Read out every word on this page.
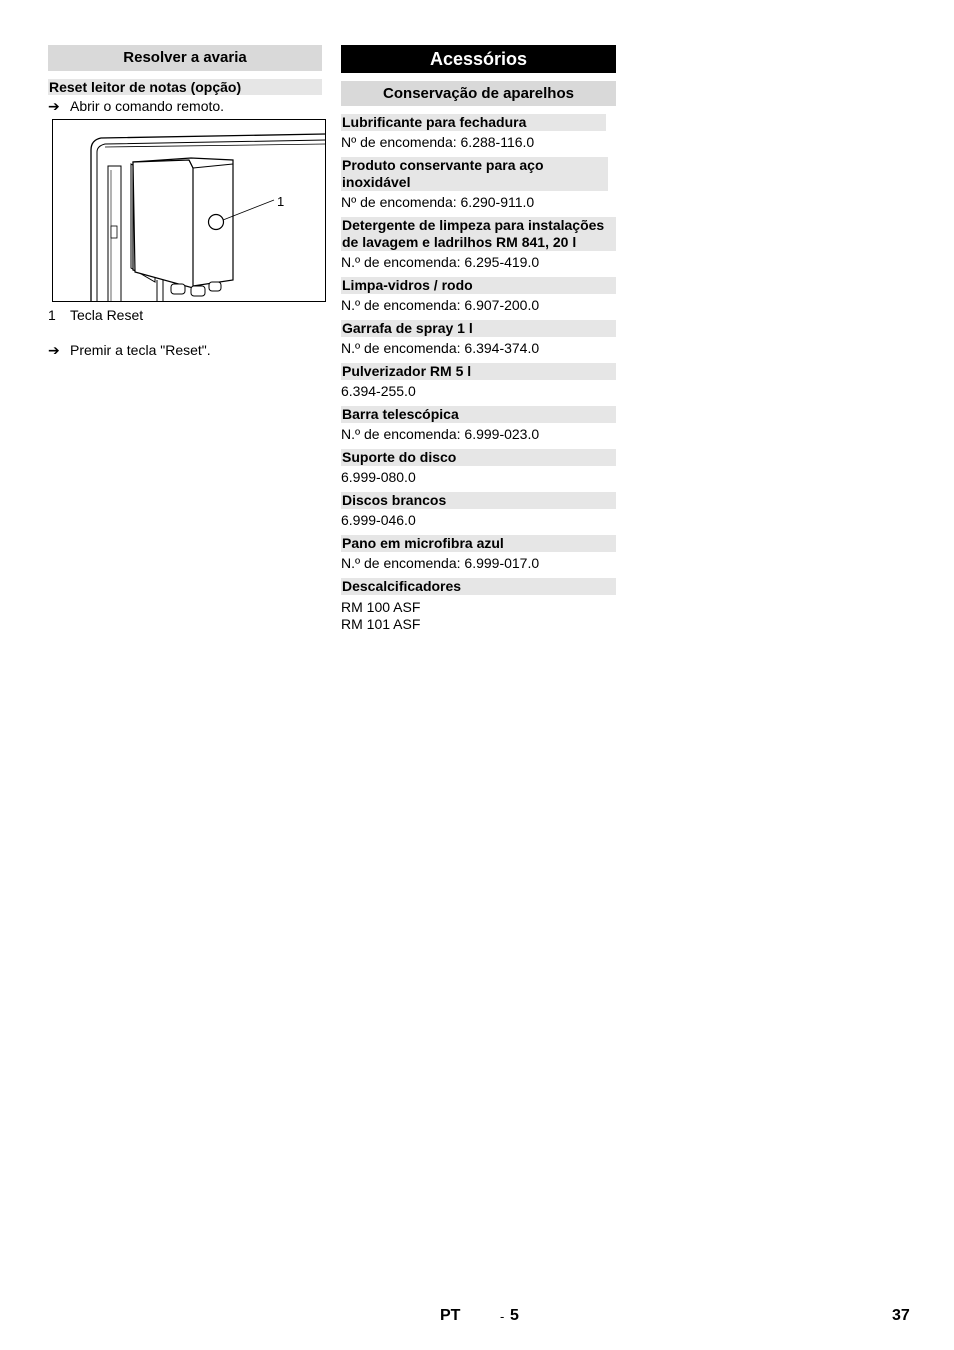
Resolver a avaria
Reset leitor de notas (opção)
➔ Abrir o comando remoto.
1
1	Tecla Reset
➔ Premir a tecla "Reset".
Acessórios
Conservação de aparelhos
Lubrificante para fechadura
Nº de encomenda: 6.288-116.0
Produto conservante para aço inoxidável
Nº de encomenda: 6.290-911.0
Detergente de limpeza para instalações de lavagem e ladrilhos RM 841, 20 l
N.º de encomenda: 6.295-419.0
Limpa-vidros / rodo
N.º de encomenda: 6.907-200.0
Garrafa de spray 1 l
N.º de encomenda: 6.394-374.0
Pulverizador RM 5 l
6.394-255.0
Barra telescópica
N.º de encomenda: 6.999-023.0
Suporte do disco
6.999-080.0
Discos brancos
6.999-046.0
Pano em microfibra azul
N.º de encomenda: 6.999-017.0
Descalcificadores
RM 100 ASF
RM 101 ASF
PT	- 5	37
